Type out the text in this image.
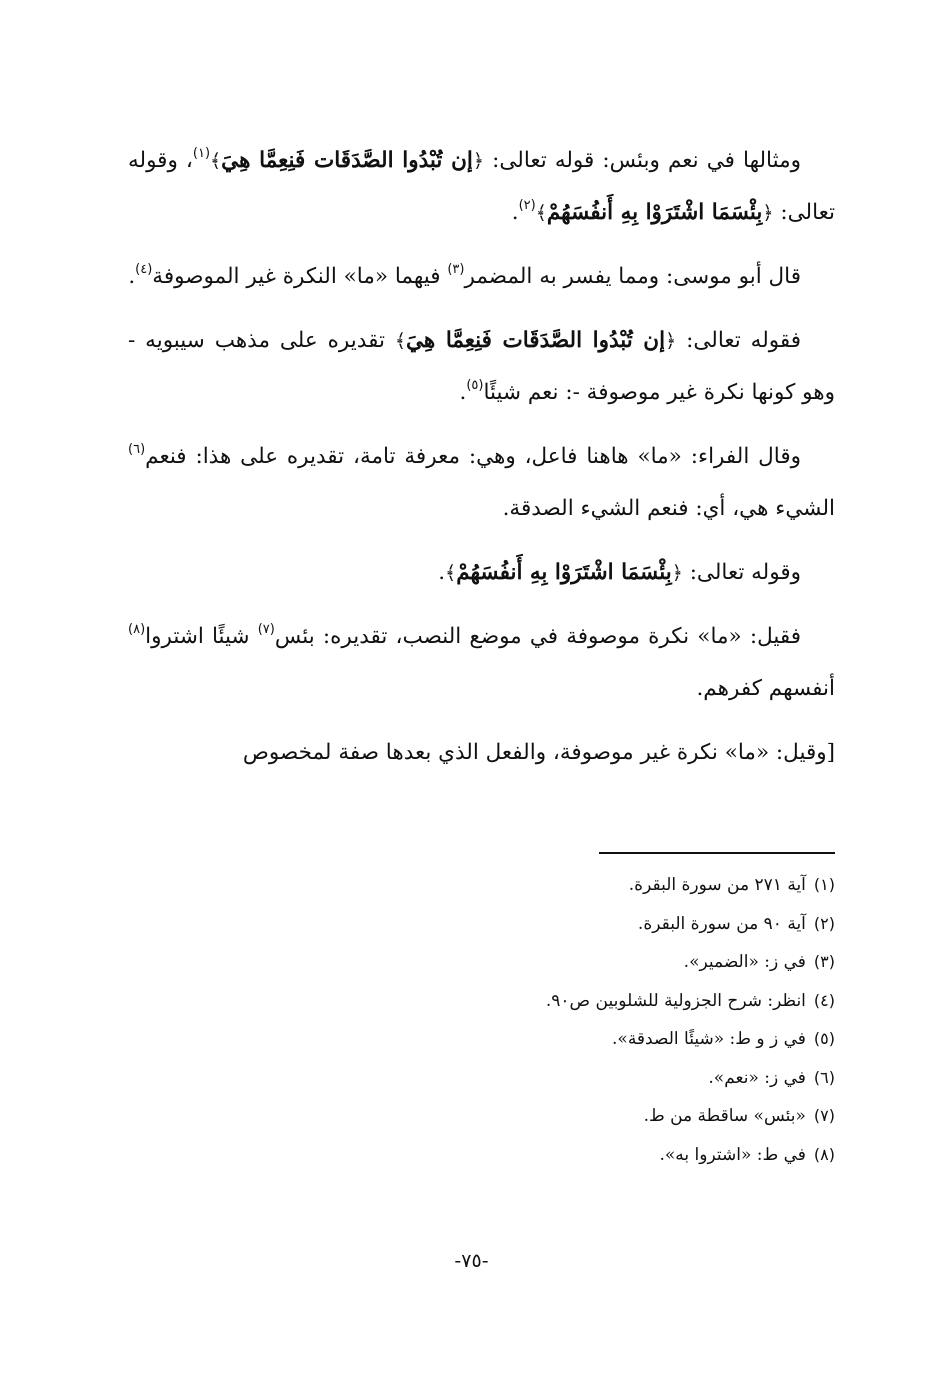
ومثالها في نعم وبئس: قوله تعالى: ﴿إن تُبْدُوا الصَّدَقَات فَنِعِمَّا هِيَ﴾$^{(١)}$، وقوله تعالى: ﴿بِئْسَمَا اشْتَرَوْا بِهِ أَنفُسَهُمْ﴾$^{(٢)}$.

قال أبو موسى: ومما يفسر به المضمر$^{(٣)}$ فيهما «ما» النكرة غير الموصوفة$^{(٤)}$.

فقوله تعالى: ﴿إن تُبْدُوا الصَّدَقَات فَنِعِمَّا هِيَ﴾ تقديره على مذهب سيبويه - وهو كونها نكرة غير موصوفة -: نعم شيئًا$^{(٥)}$.

وقال الفراء: «ما» هاهنا فاعل، وهي: معرفة تامة، تقديره على هذا: فنعم$^{(٦)}$ الشيء هي، أي: فنعم الشيء الصدقة.

وقوله تعالى: ﴿بِئْسَمَا اشْتَرَوْا بِهِ أَنفُسَهُمْ﴾.

فقيل: «ما» نكرة موصوفة في موضع النصب، تقديره: بئس$^{(٧)}$ شيئًا اشتروا$^{(٨)}$ أنفسهم كفرهم.

[وقيل: «ما» نكرة غير موصوفة، والفعل الذي بعدها صفة لمخصوص

(١)آية ٢٧١ من سورة البقرة.
(٢)آية ٩٠ من سورة البقرة.
(٣)في ز: «الضمير».
(٤)انظر: شرح الجزولية للشلوبين ص٩٠.
(٥)في ز و ط: «شيئًا الصدقة».
(٦)في ز: «نعم».
(٧)«بئس» ساقطة من ط.
(٨)في ط: «اشتروا به».
-٧٥-
